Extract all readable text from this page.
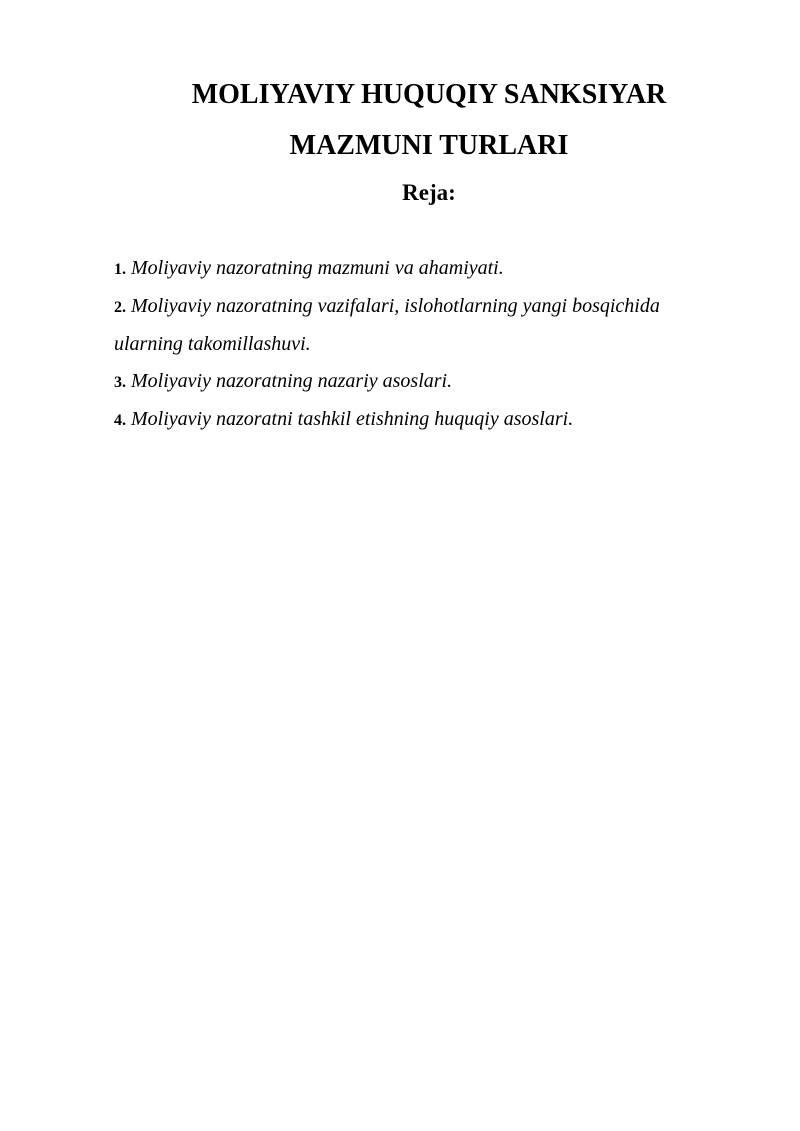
MOLIYAVIY HUQUQIY SANKSIYAR
MAZMUNI TURLARI
Reja:
1. Moliyaviy nazoratning mazmuni va ahamiyati.
2. Moliyaviy nazoratning vazifalari, islohotlarning yangi bosqichida ularning takomillashuvi.
3. Moliyaviy nazoratning nazariy asoslari.
4. Moliyaviy nazoratni tashkil etishning huquqiy asoslari.
